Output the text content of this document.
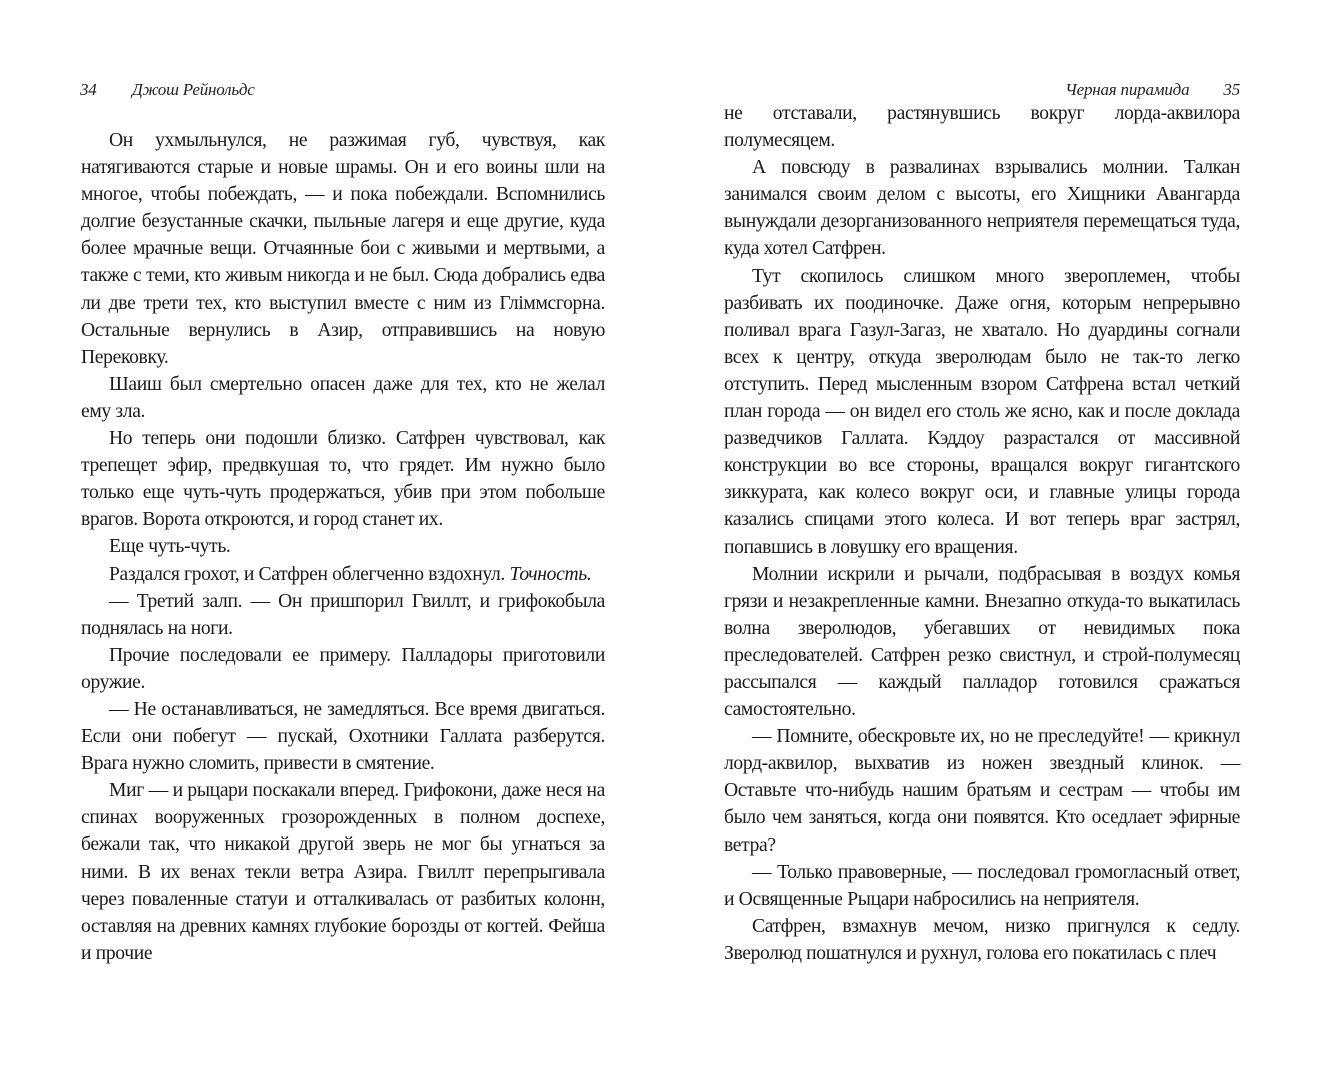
34 Джош Рейнольдс

Он ухмыльнулся, не разжимая губ, чувствуя, как натягиваются старые и новые шрамы. Он и его воины шли на многое, чтобы побеждать, — и пока побеждали. Вспомнились долгие безустанные скачки, пыльные лагеря и еще другие, куда более мрачные вещи. Отчаянные бои с живыми и мертвыми, а также с теми, кто живым никогда и не был. Сюда добрались едва ли две трети тех, кто выступил вместе с ним из Гліммсгорна. Остальные вернулись в Азир, отправившись на новую Перековку.

Шаиш был смертельно опасен даже для тех, кто не желал ему зла.

Но теперь они подошли близко. Сатфрен чувствовал, как трепещет эфир, предвкушая то, что грядет. Им нужно было только еще чуть-чуть продержаться, убив при этом побольше врагов. Ворота откроются, и город станет их.

Еще чуть-чуть.

Раздался грохот, и Сатфрен облегченно вздохнул. Точность.

— Третий залп. — Он пришпорил Гвиллт, и грифокобыла поднялась на ноги.

Прочие последовали ее примеру. Палладоры приготовили оружие.

— Не останавливаться, не замедляться. Все время двигаться. Если они побегут — пускай, Охотники Галлата разберутся. Врага нужно сломить, привести в смятение.

Миг — и рыцари поскакали вперед. Грифокони, даже неся на спинах вооруженных грозорожденных в полном доспехе, бежали так, что никакой другой зверь не мог бы угнаться за ними. В их венах текли ветра Азира. Гвиллт перепрыгивала через поваленные статуи и отталкивалась от разбитых колонн, оставляя на древних камнях глубокие борозды от когтей. Фейша и прочие

Черная пирамида 35

не отставали, растянувшись вокруг лорда-аквилора полумесяцем.

А повсюду в развалинах взрывались молнии. Талкан занимался своим делом с высоты, его Хищники Авангарда вынуждали дезорганизованного неприятеля перемещаться туда, куда хотел Сатфрен.

Тут скопилось слишком много звероплемен, чтобы разбивать их поодиночке. Даже огня, которым непрерывно поливал врага Газул-Загаз, не хватало. Но дуардины согнали всех к центру, откуда зверолюдам было не так-то легко отступить. Перед мысленным взором Сатфрена встал четкий план города — он видел его столь же ясно, как и после доклада разведчиков Галлата. Кэддоу разрастался от массивной конструкции во все стороны, вращался вокруг гигантского зиккурата, как колесо вокруг оси, и главные улицы города казались спицами этого колеса. И вот теперь враг застрял, попавшись в ловушку его вращения.

Молнии искрили и рычали, подбрасывая в воздух комья грязи и незакрепленные камни. Внезапно откуда-то выкатилась волна зверолюдов, убегавших от невидимых пока преследователей. Сатфрен резко свистнул, и строй-полумесяц рассыпался — каждый палладор готовился сражаться самостоятельно.

— Помните, обескровьте их, но не преследуйте! — крикнул лорд-аквилор, выхватив из ножен звездный клинок. — Оставьте что-нибудь нашим братьям и сестрам — чтобы им было чем заняться, когда они появятся. Кто оседлает эфирные ветра?

— Только правоверные, — последовал громогласный ответ, и Освященные Рыцари набросились на неприятеля.

Сатфрен, взмахнув мечом, низко пригнулся к седлу. Зверолюд пошатнулся и рухнул, голова его покатилась с плеч
